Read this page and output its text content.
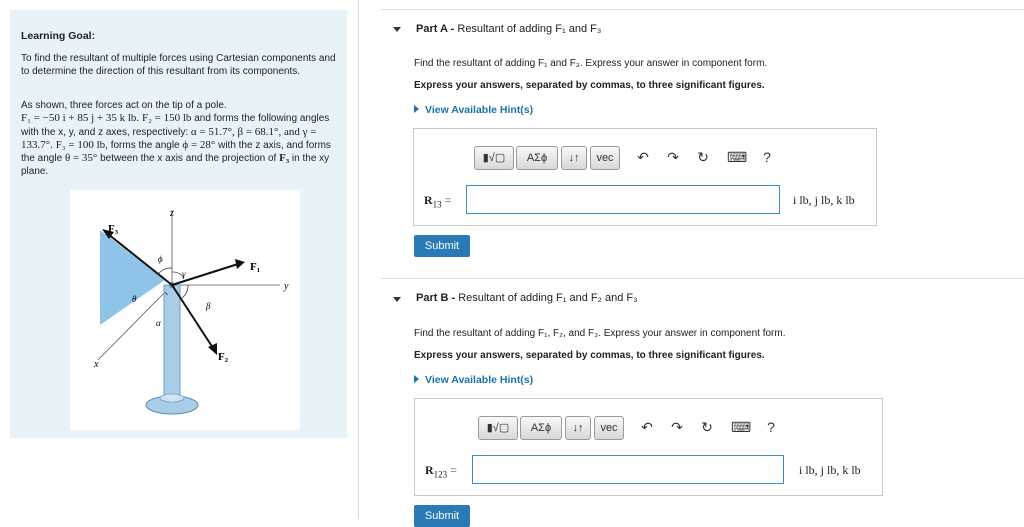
Learning Goal:
To find the resultant of multiple forces using Cartesian components and to determine the direction of this resultant from its components.
As shown, three forces act on the tip of a pole.
F₁ = −50 i + 85 j + 35 k lb. F₂ = 150 lb and forms the following angles with the x, y, and z axes, respectively: α = 51.7°, β = 68.1°, and γ = 133.7°. F₃ = 100 lb, forms the angle ϕ = 28° with the z axis, and forms the angle θ = 35° between the x axis and the projection of F₃ in the xy plane.
F₃
F₁
F₂
z
y
x
ϕ
γ
θ
β
α
Part A - Resultant of adding F₁ and F₃
Find the resultant of adding F₁ and F₃. Express your answer in component form.
Express your answers, separated by commas, to three significant figures.
View Available Hint(s)
▮√▢	ΑΣϕ	↓↑	vec	↶ ↷ ↻ ⌨ ?
$R_{13}$ =	i lb, j lb, k lb
Submit
Part B - Resultant of adding F₁ and F₂ and F₃
Find the resultant of adding F₁, F₂, and F₃. Express your answer in component form.
Express your answers, separated by commas, to three significant figures.
View Available Hint(s)
▮√▢	ΑΣϕ	↓↑	vec	↶ ↷ ↻ ⌨ ?
$R_{123}$ =	i lb, j lb, k lb
Submit
